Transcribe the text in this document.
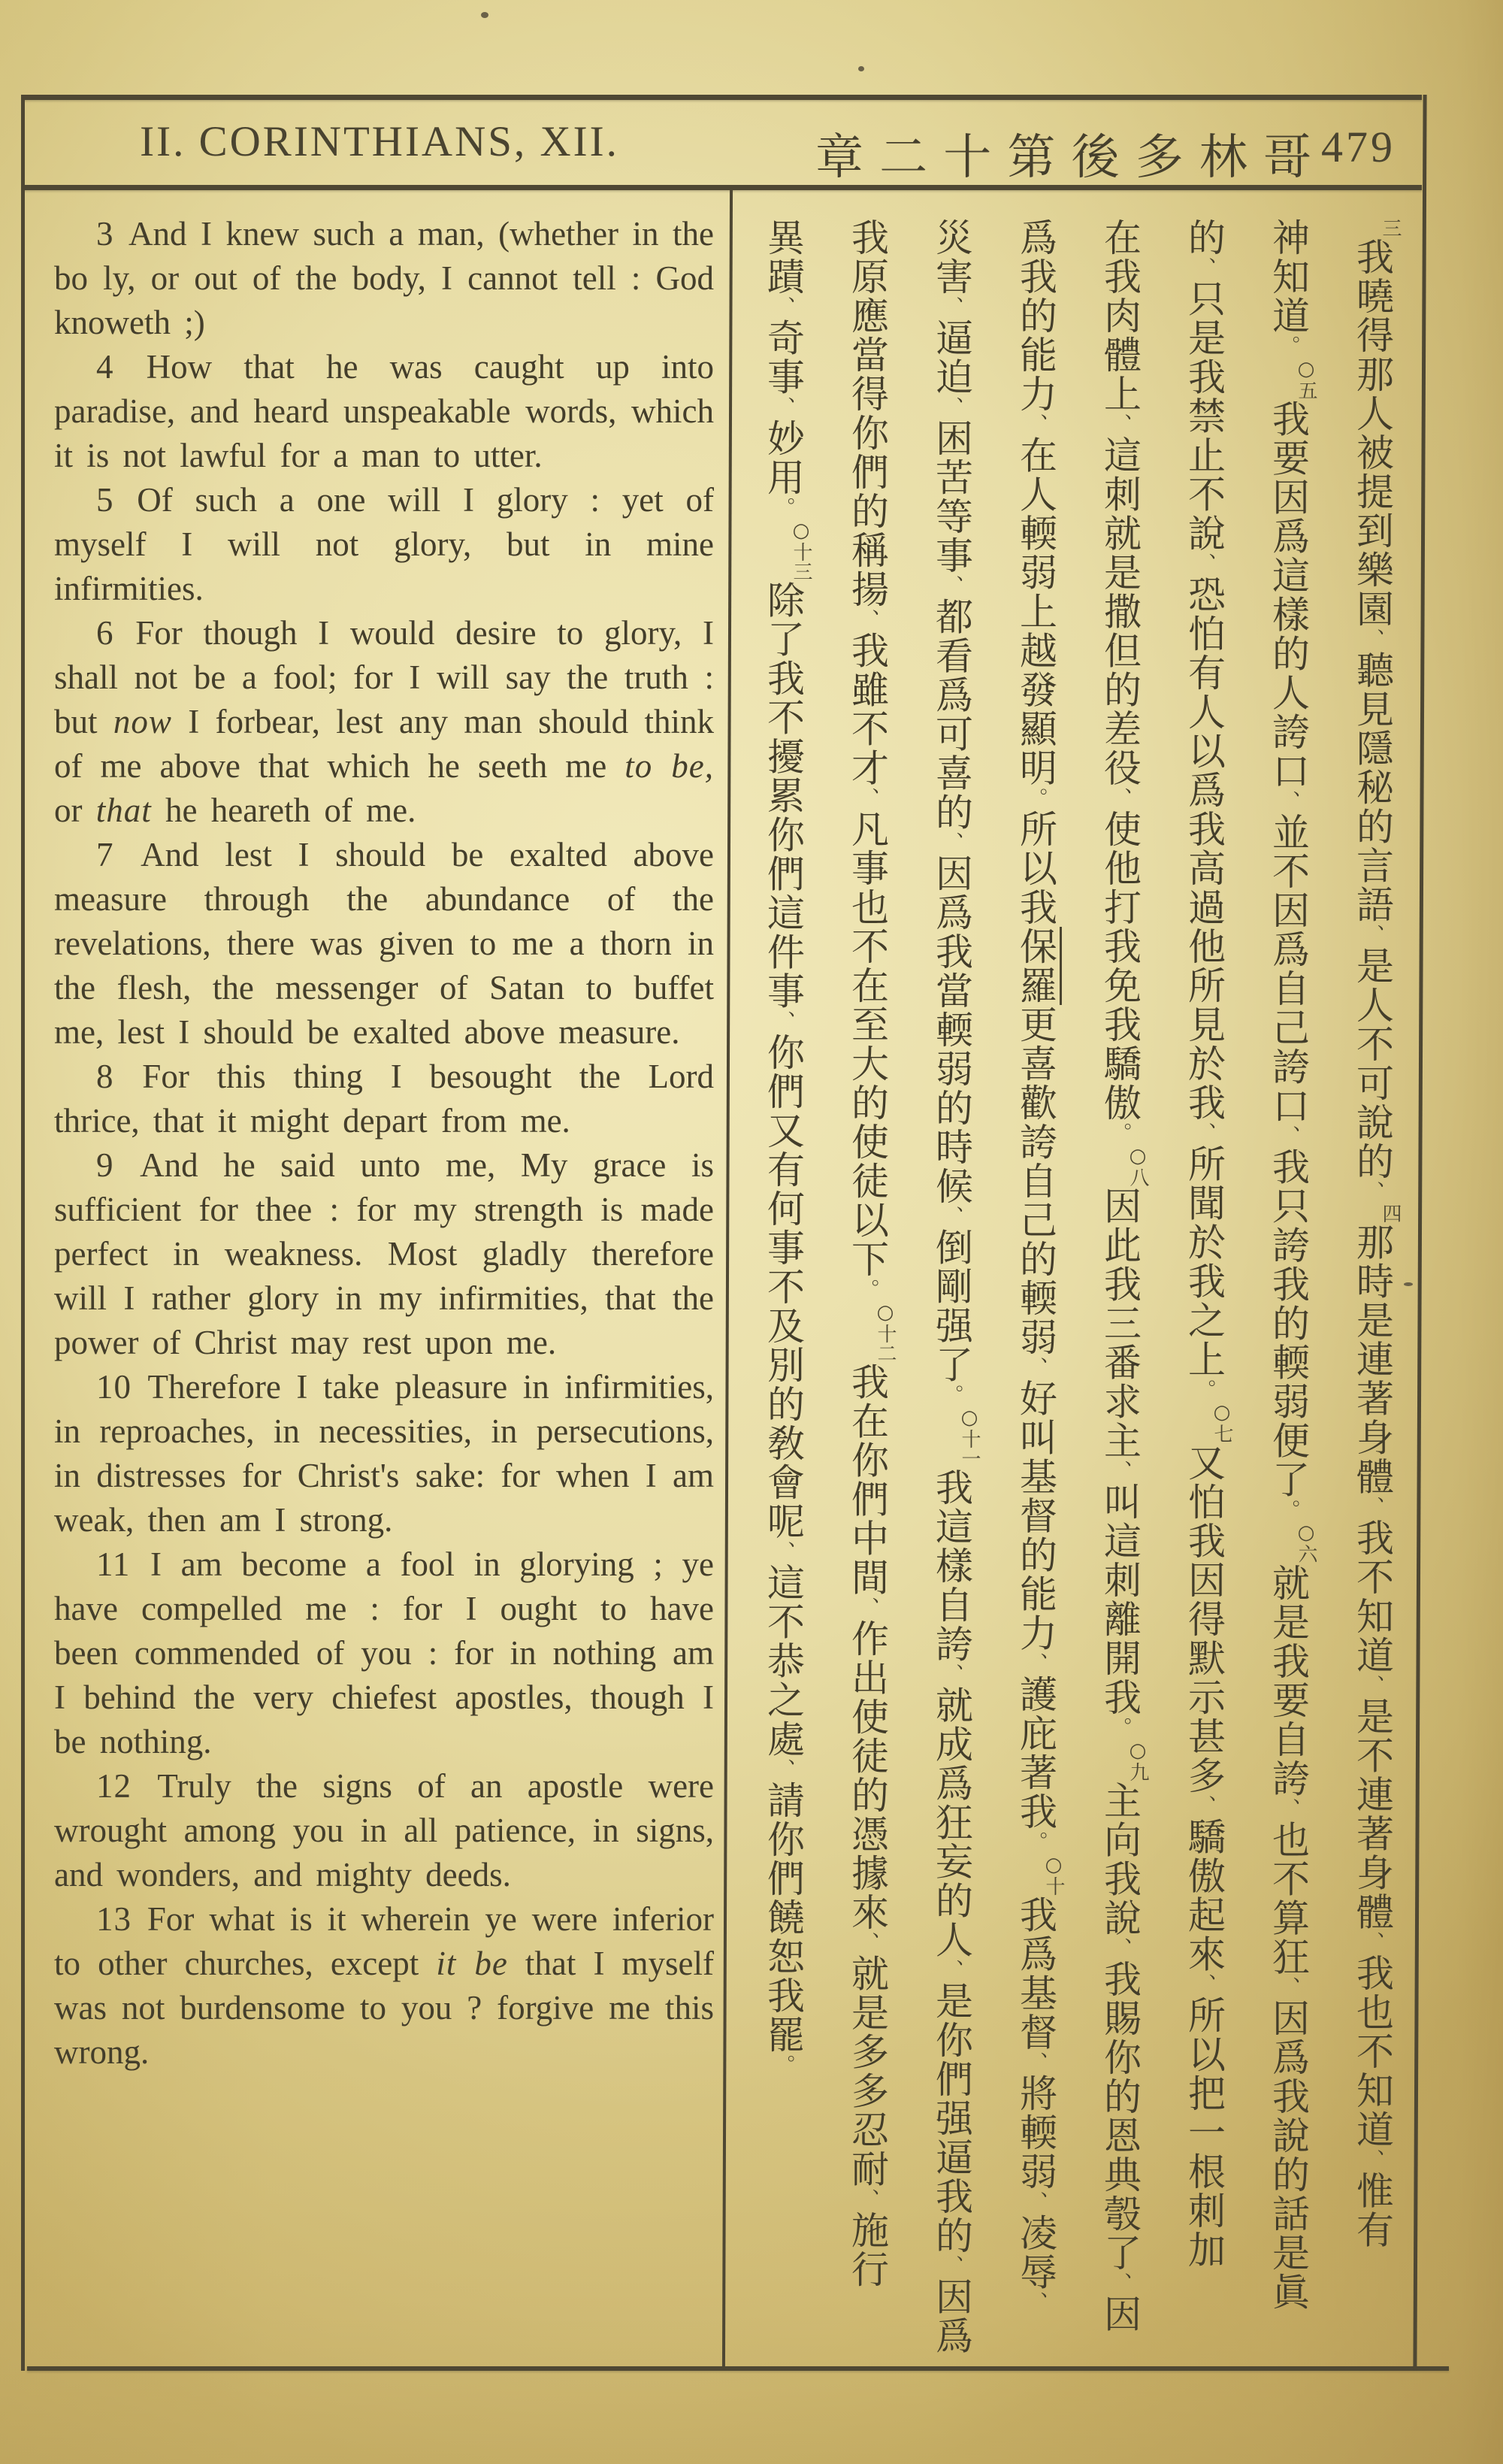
II. CORINTHIANS, XII.	章 二 十 第 後 多 林 哥 479

3 And I knew such a man, (whether in the bo ly, or out of the body, I cannot tell : God knoweth ;)

4 How that he was caught up into paradise, and heard unspeakable words, which it is not lawful for a man to utter.

5 Of such a one will I glory : yet of myself I will not glory, but in mine infirmities.

6 For though I would desire to glory, I shall not be a fool; for I will say the truth : but now I forbear, lest any man should think of me above that which he seeth me to be, or that he heareth of me.

7 And lest I should be exalted above measure through the abundance of the revelations, there was given to me a thorn in the flesh, the messenger of Satan to buffet me, lest I should be exalted above measure.

8 For this thing I besought the Lord thrice, that it might depart from me.

9 And he said unto me, My grace is sufficient for thee : for my strength is made perfect in weakness. Most gladly therefore will I rather glory in my infirmities, that the power of Christ may rest upon me.

10 Therefore I take pleasure in infirmities, in reproaches, in necessities, in persecutions, in distresses for Christ's sake: for when I am weak, then am I strong.

11 I am become a fool in glorying ; ye have compelled me : for I ought to have been commended of you : for in nothing am I behind the very chiefest apostles, though I be nothing.

12 Truly the signs of an apostle were wrought among you in all patience, in signs, and wonders, and mighty deeds.

13 For what is it wherein ye were inferior to other churches, except it be that I myself was not burdensome to you ? forgive me this wrong.

三我曉得那人被提到樂園、聽見隱秘的言語、是人不可說的、四那時是連著身體、我不知道、是不連著身體、我也不知道、惟有
神知道。○五我要因爲這樣的人誇口、並不因爲自己誇口、我只誇我的輭弱便了。○六就是我要自誇、也不算狂、因爲我說的話是眞
的、只是我禁止不說、恐怕有人以爲我高過他所見於我、所聞於我之上。○七又怕我因得默示甚多、驕傲起來、所以把一根刺加
在我肉體上、這刺就是撒但的差役、使他打我免我驕傲。○八因此我三番求主、叫這刺離開我。○九主向我說、我賜你的恩典彀了、因
爲我的能力、在人輭弱上越發顯明。所以我保羅更喜歡誇自己的輭弱、好叫基督的能力、護庇著我。○十我爲基督、將輭弱、凌辱、
災害、逼迫、困苦等事、都看爲可喜的、因爲我當輭弱的時候、倒剛强了。○十一我這樣自誇、就成爲狂妄的人、是你們强逼我的、因爲
我原應當得你們的稱揚、我雖不才、凡事也不在至大的使徒以下。○十二我在你們中間、作出使徒的憑據來、就是多多忍耐、施行
異蹟、奇事、妙用。○十三除了我不擾累你們這件事、你們又有何事不及別的敎會呢、這不恭之處、請你們饒恕我罷。
